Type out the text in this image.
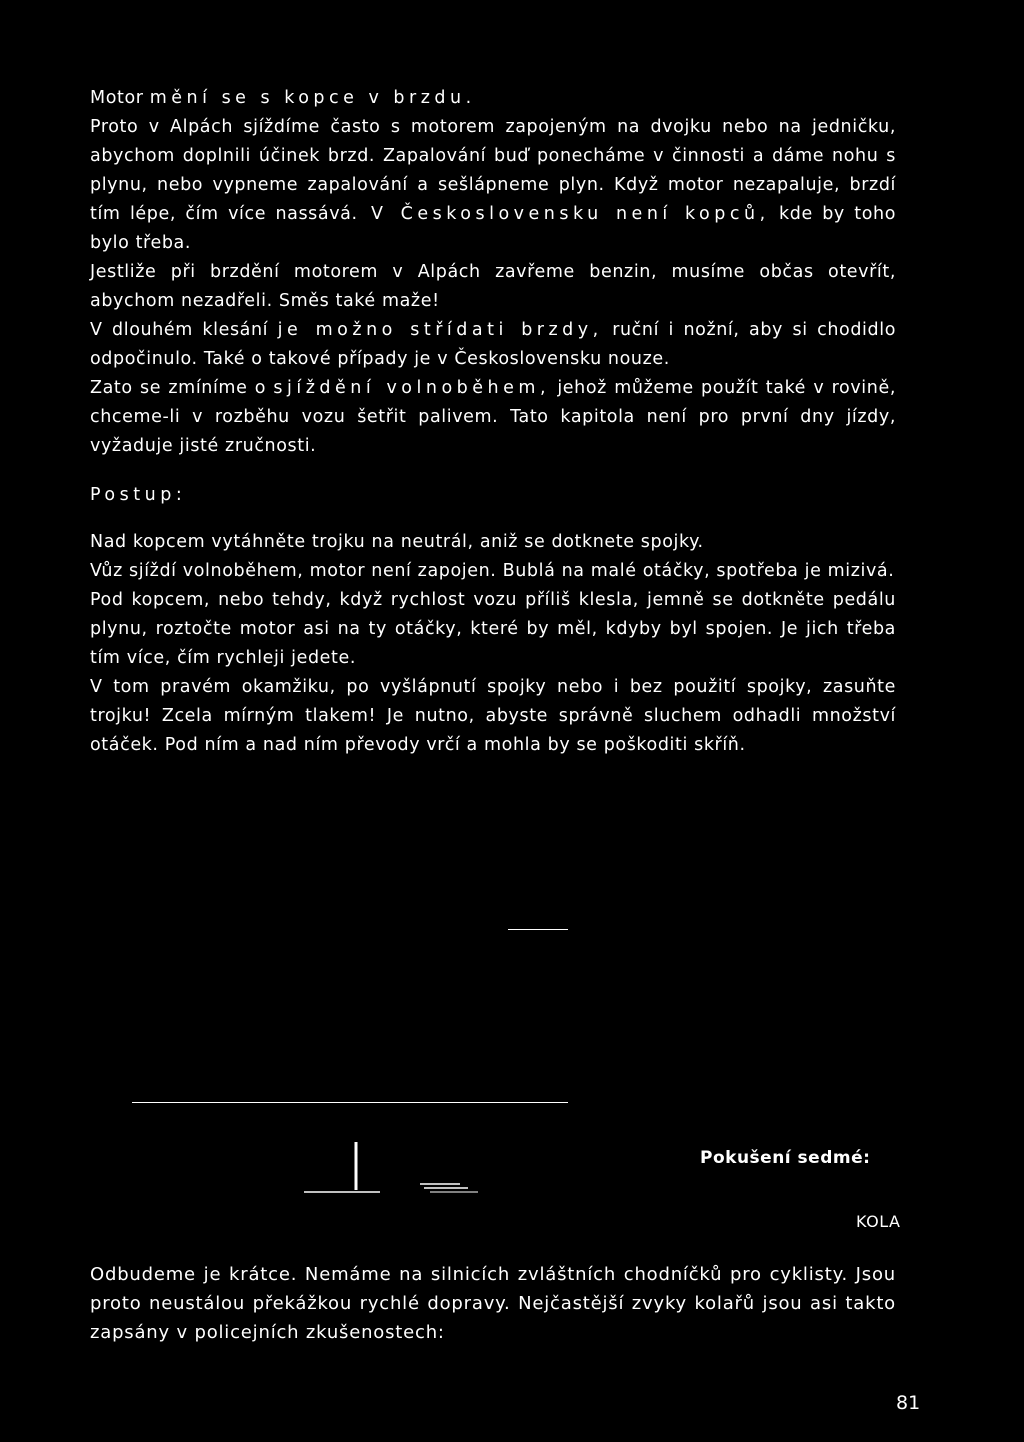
Motor mění se s kopce v brzdu.

Proto v Alpách sjíždíme často s motorem zapojeným na dvojku nebo na jedničku, abychom doplnili účinek brzd. Zapalování buď ponecháme v činnosti a dáme nohu s plynu, nebo vypneme zapalování a sešlápneme plyn. Když motor nezapaluje, brzdí tím lépe, čím více nassává. V Československu není kopců, kde by toho bylo třeba.

Jestliže při brzdění motorem v Alpách zavřeme benzin, musíme občas otevřít, abychom nezadřeli. Směs také maže!

V dlouhém klesání je možno střídati brzdy, ruční i nožní, aby si chodidlo odpočinulo. Také o takové případy je v Československu nouze.

Zato se zmíníme o sjíždění volnoběhem, jehož můžeme použít také v rovině, chceme-li v rozběhu vozu šetřit palivem. Tato kapitola není pro první dny jízdy, vyžaduje jisté zručnosti.

Postup:

Nad kopcem vytáhněte trojku na neutrál, aniž se dotknete spojky.

Vůz sjíždí volnoběhem, motor není zapojen. Bublá na malé otáčky, spotřeba je mizivá.

Pod kopcem, nebo tehdy, když rychlost vozu příliš klesla, jemně se dotkněte pedálu plynu, roztočte motor asi na ty otáčky, které by měl, kdyby byl spojen. Je jich třeba tím více, čím rychleji jedete.

V tom pravém okamžiku, po vyšlápnutí spojky nebo i bez použití spojky, zasuňte trojku! Zcela mírným tlakem! Je nutno, abyste správně sluchem odhadli množství otáček. Pod ním a nad ním převody vrčí a mohla by se poškoditi skříň.

Pokušení sedmé:
KOLA

Odbudeme je krátce. Nemáme na silnicích zvláštních chodníčků pro cyklisty. Jsou proto neustálou překážkou rychlé dopravy. Nejčastější zvyky kolařů jsou asi takto zapsány v policejních zkušenostech:

81
